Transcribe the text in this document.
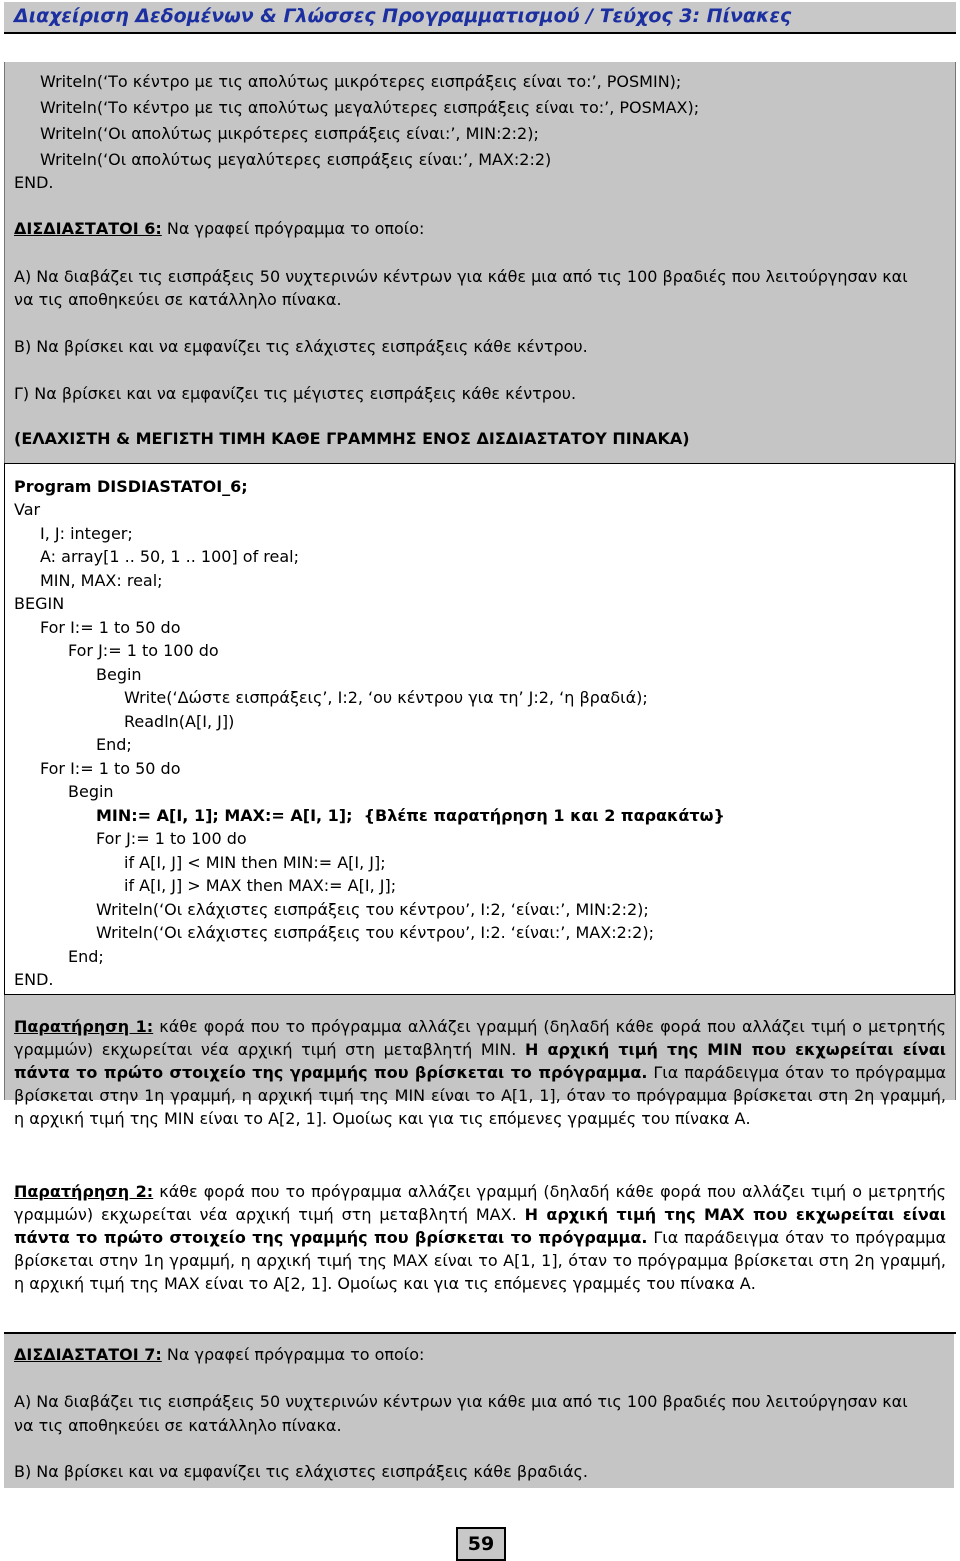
Διαχείριση Δεδομένων & Γλώσσες Προγραμματισμού / Τεύχος 3: Πίνακες
Writeln(‘Το κέντρο με τις απολύτως μικρότερες εισπράξεις είναι το:’, POSMIN);
Writeln(‘Το κέντρο με τις απολύτως μεγαλύτερες εισπράξεις είναι το:’, POSMAX);
Writeln(‘Οι απολύτως μικρότερες εισπράξεις είναι:’, MIN:2:2);
Writeln(‘Οι απολύτως μεγαλύτερες εισπράξεις είναι:’, MAX:2:2)
END.
ΔΙΣΔΙΑΣΤΑΤΟΙ 6: Να γραφεί πρόγραμμα το οποίο:
Α) Να διαβάζει τις εισπράξεις 50 νυχτερινών κέντρων για κάθε μια από τις 100 βραδιές που λειτούργησαν και
να τις αποθηκεύει σε κατάλληλο πίνακα.
Β) Να βρίσκει και να εμφανίζει τις ελάχιστες εισπράξεις κάθε κέντρου.
Γ) Να βρίσκει και να εμφανίζει τις μέγιστες εισπράξεις κάθε κέντρου.
(ΕΛΑΧΙΣΤΗ & ΜΕΓΙΣΤΗ ΤΙΜΗ ΚΑΘΕ ΓΡΑΜΜΗΣ ΕΝΟΣ ΔΙΣΔΙΑΣΤΑΤΟΥ ΠΙΝΑΚΑ)
Program DISDIASTATOI_6;
Var
I, J: integer;
A: array[1 .. 50, 1 .. 100] of real;
MIN, MAX: real;
BEGIN
For I:= 1 to 50 do
For J:= 1 to 100 do
Begin
Write(‘Δώστε εισπράξεις’, I:2, ‘ου κέντρου για τη’ J:2, ‘η βραδιά);
Readln(A[I, J])
End;
For I:= 1 to 50 do
Begin
MIN:= A[I, 1]; MAX:= A[I, 1];  {Βλέπε παρατήρηση 1 και 2 παρακάτω}
For J:= 1 to 100 do
if A[I, J] < MIN then MIN:= A[I, J];
if A[I, J] > MAX then MAX:= A[I, J];
Writeln(‘Οι ελάχιστες εισπράξεις του κέντρου’, I:2, ‘είναι:’, MIN:2:2);
Writeln(‘Οι ελάχιστες εισπράξεις του κέντρου’, I:2. ‘είναι:’, MAX:2:2);
End;
END.
Παρατήρηση 1: κάθε φορά που το πρόγραμμα αλλάζει γραμμή (δηλαδή κάθε φορά που αλλάζει τιμή ο μετρητής γραμμών) εκχωρείται νέα αρχική τιμή στη μεταβλητή MIN. Η αρχική τιμή της MIN που εκχωρείται είναι πάντα το πρώτο στοιχείο της γραμμής που βρίσκεται το πρόγραμμα. Για παράδειγμα όταν το πρόγραμμα βρίσκεται στην 1η γραμμή, η αρχική τιμή της MIN είναι το A[1, 1], όταν το πρόγραμμα βρίσκεται στη 2η γραμμή, η αρχική τιμή της MIN είναι το A[2, 1]. Ομοίως και για τις επόμενες γραμμές του πίνακα Α.
Παρατήρηση 2: κάθε φορά που το πρόγραμμα αλλάζει γραμμή (δηλαδή κάθε φορά που αλλάζει τιμή ο μετρητής γραμμών) εκχωρείται νέα αρχική τιμή στη μεταβλητή MAX. Η αρχική τιμή της MAX που εκχωρείται είναι πάντα το πρώτο στοιχείο της γραμμής που βρίσκεται το πρόγραμμα. Για παράδειγμα όταν το πρόγραμμα βρίσκεται στην 1η γραμμή, η αρχική τιμή της MAX είναι το A[1, 1], όταν το πρόγραμμα βρίσκεται στη 2η γραμμή, η αρχική τιμή της MAX είναι το A[2, 1]. Ομοίως και για τις επόμενες γραμμές του πίνακα Α.
ΔΙΣΔΙΑΣΤΑΤΟΙ 7: Να γραφεί πρόγραμμα το οποίο:
Α) Να διαβάζει τις εισπράξεις 50 νυχτερινών κέντρων για κάθε μια από τις 100 βραδιές που λειτούργησαν και
να τις αποθηκεύει σε κατάλληλο πίνακα.
Β) Να βρίσκει και να εμφανίζει τις ελάχιστες εισπράξεις κάθε βραδιάς.
59
